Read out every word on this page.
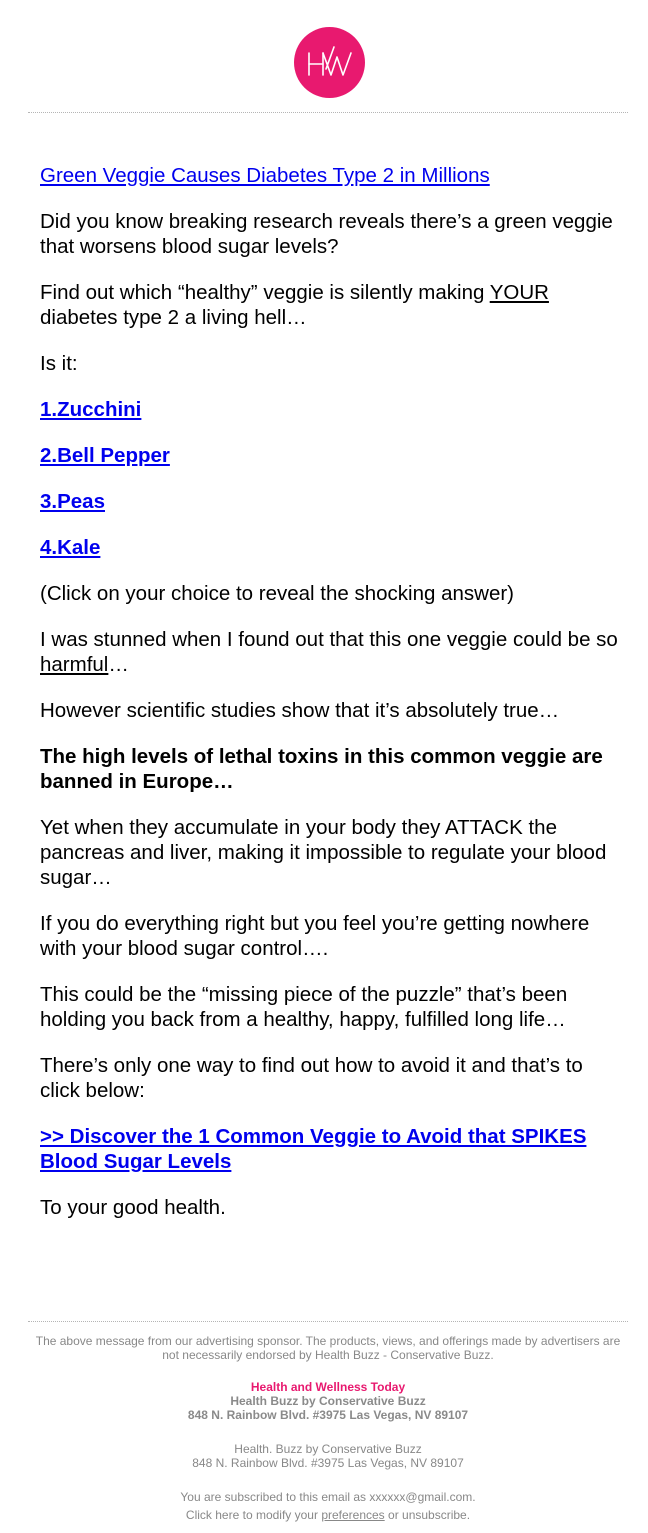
Green Veggie Causes Diabetes Type 2 in Millions

Did you know breaking research reveals there’s a green veggie that worsens blood sugar levels?

Find out which “healthy” veggie is silently making YOUR diabetes type 2 a living hell…

Is it:

1.Zucchini

2.Bell Pepper

3.Peas

4.Kale

(Click on your choice to reveal the shocking answer)

I was stunned when I found out that this one veggie could be so harmful…

However scientific studies show that it’s absolutely true…

The high levels of lethal toxins in this common veggie are banned in Europe…

Yet when they accumulate in your body they ATTACK the pancreas and liver, making it impossible to regulate your blood sugar…

If you do everything right but you feel you’re getting nowhere with your blood sugar control….

This could be the “missing piece of the puzzle” that’s been holding you back from a healthy, happy, fulfilled long life…

There’s only one way to find out how to avoid it and that’s to click below:

>> Discover the 1 Common Veggie to Avoid that SPIKES Blood Sugar Levels

To your good health.

The above message from our advertising sponsor. The products, views, and offerings made by advertisers are not necessarily endorsed by Health Buzz - Conservative Buzz.

Health and Wellness Today

Health Buzz by Conservative Buzz

848 N. Rainbow Blvd. #3975 Las Vegas, NV 89107

Health. Buzz by Conservative Buzz

848 N. Rainbow Blvd. #3975 Las Vegas, NV 89107

You are subscribed to this email as xxxxxx@gmail.com.

Click here to modify your preferences or unsubscribe.
